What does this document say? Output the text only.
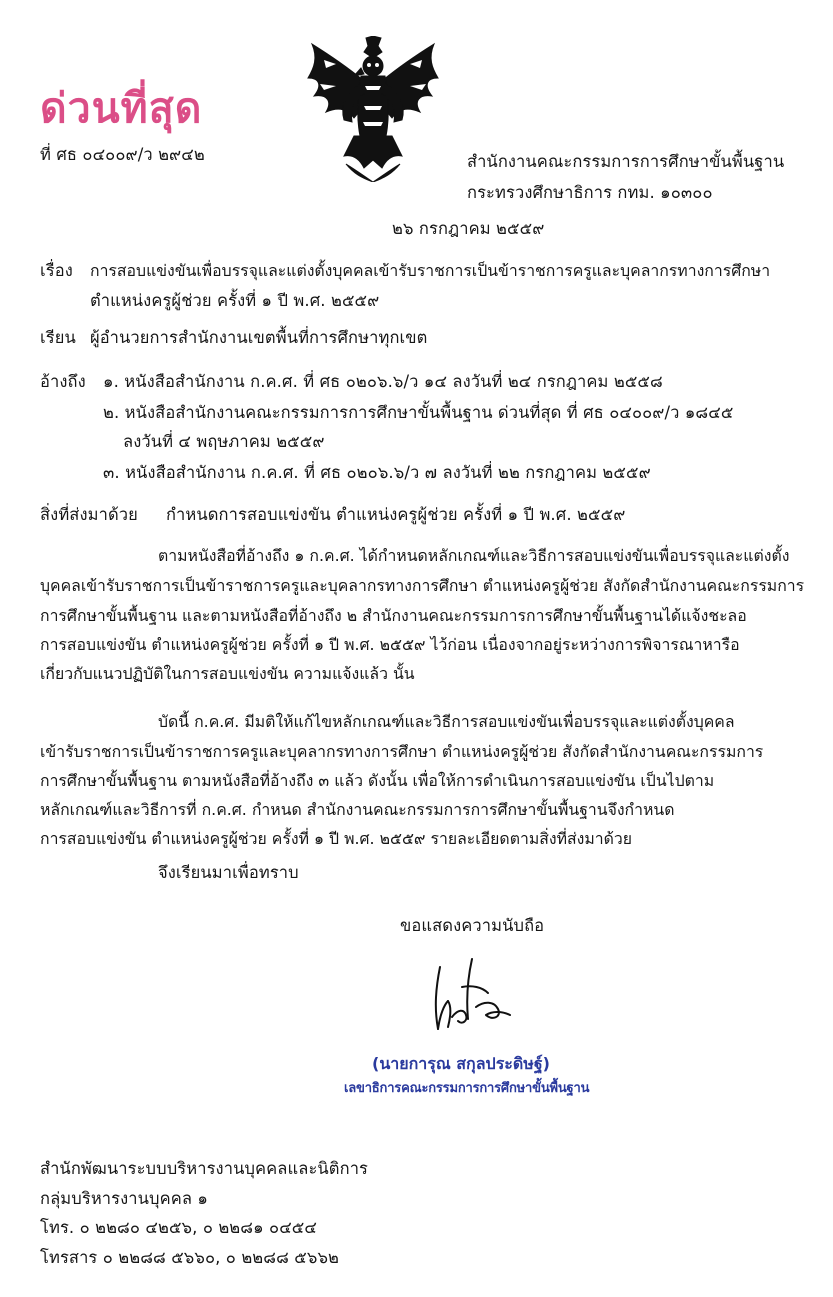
ด่วนที่สุด
ที่ ศธ ๐๔๐๐๙/ว ๒๙๔๒	สำนักงานคณะกรรมการการศึกษาขั้นพื้นฐาน
กระทรวงศึกษาธิการ กทม. ๑๐๓๐๐
๒๖ กรกฎาคม ๒๕๕๙
เรื่อง การสอบแข่งขันเพื่อบรรจุและแต่งตั้งบุคคลเข้ารับราชการเป็นข้าราชการครูและบุคลากรทางการศึกษา
ตำแหน่งครูผู้ช่วย ครั้งที่ ๑ ปี พ.ศ. ๒๕๕๙
เรียน ผู้อำนวยการสำนักงานเขตพื้นที่การศึกษาทุกเขต
อ้างถึง ๑. หนังสือสำนักงาน ก.ค.ศ. ที่ ศธ ๐๒๐๖.๖/ว ๑๔ ลงวันที่ ๒๔ กรกฎาคม ๒๕๕๘
๒. หนังสือสำนักงานคณะกรรมการการศึกษาขั้นพื้นฐาน ด่วนที่สุด ที่ ศธ ๐๔๐๐๙/ว ๑๘๔๕
ลงวันที่ ๔ พฤษภาคม ๒๕๕๙
๓. หนังสือสำนักงาน ก.ค.ศ. ที่ ศธ ๐๒๐๖.๖/ว ๗ ลงวันที่ ๒๒ กรกฎาคม ๒๕๕๙
สิ่งที่ส่งมาด้วย กำหนดการสอบแข่งขัน ตำแหน่งครูผู้ช่วย ครั้งที่ ๑ ปี พ.ศ. ๒๕๕๙
ตามหนังสือที่อ้างถึง ๑ ก.ค.ศ. ได้กำหนดหลักเกณฑ์และวิธีการสอบแข่งขันเพื่อบรรจุและแต่งตั้ง
บุคคลเข้ารับราชการเป็นข้าราชการครูและบุคลากรทางการศึกษา ตำแหน่งครูผู้ช่วย สังกัดสำนักงานคณะกรรมการ
การศึกษาขั้นพื้นฐาน และตามหนังสือที่อ้างถึง ๒ สำนักงานคณะกรรมการการศึกษาขั้นพื้นฐานได้แจ้งชะลอ
การสอบแข่งขัน ตำแหน่งครูผู้ช่วย ครั้งที่ ๑ ปี พ.ศ. ๒๕๕๙ ไว้ก่อน เนื่องจากอยู่ระหว่างการพิจารณาหารือ
เกี่ยวกับแนวปฏิบัติในการสอบแข่งขัน ความแจ้งแล้ว นั้น
บัดนี้ ก.ค.ศ. มีมติให้แก้ไขหลักเกณฑ์และวิธีการสอบแข่งขันเพื่อบรรจุและแต่งตั้งบุคคล
เข้ารับราชการเป็นข้าราชการครูและบุคลากรทางการศึกษา ตำแหน่งครูผู้ช่วย สังกัดสำนักงานคณะกรรมการ
การศึกษาขั้นพื้นฐาน ตามหนังสือที่อ้างถึง ๓ แล้ว ดังนั้น เพื่อให้การดำเนินการสอบแข่งขัน เป็นไปตาม
หลักเกณฑ์และวิธีการที่ ก.ค.ศ. กำหนด สำนักงานคณะกรรมการการศึกษาขั้นพื้นฐานจึงกำหนด
การสอบแข่งขัน ตำแหน่งครูผู้ช่วย ครั้งที่ ๑ ปี พ.ศ. ๒๕๕๙ รายละเอียดตามสิ่งที่ส่งมาด้วย
จึงเรียนมาเพื่อทราบ
ขอแสดงความนับถือ
(นายการุณ สกุลประดิษฐ์)
เลขาธิการคณะกรรมการการศึกษาขั้นพื้นฐาน
สำนักพัฒนาระบบบริหารงานบุคคลและนิติการ
กลุ่มบริหารงานบุคคล ๑
โทร. ๐ ๒๒๘๐ ๔๒๕๖, ๐ ๒๒๘๑ ๐๔๕๔
โทรสาร ๐ ๒๒๘๘ ๕๖๖๐, ๐ ๒๒๘๘ ๕๖๖๒
